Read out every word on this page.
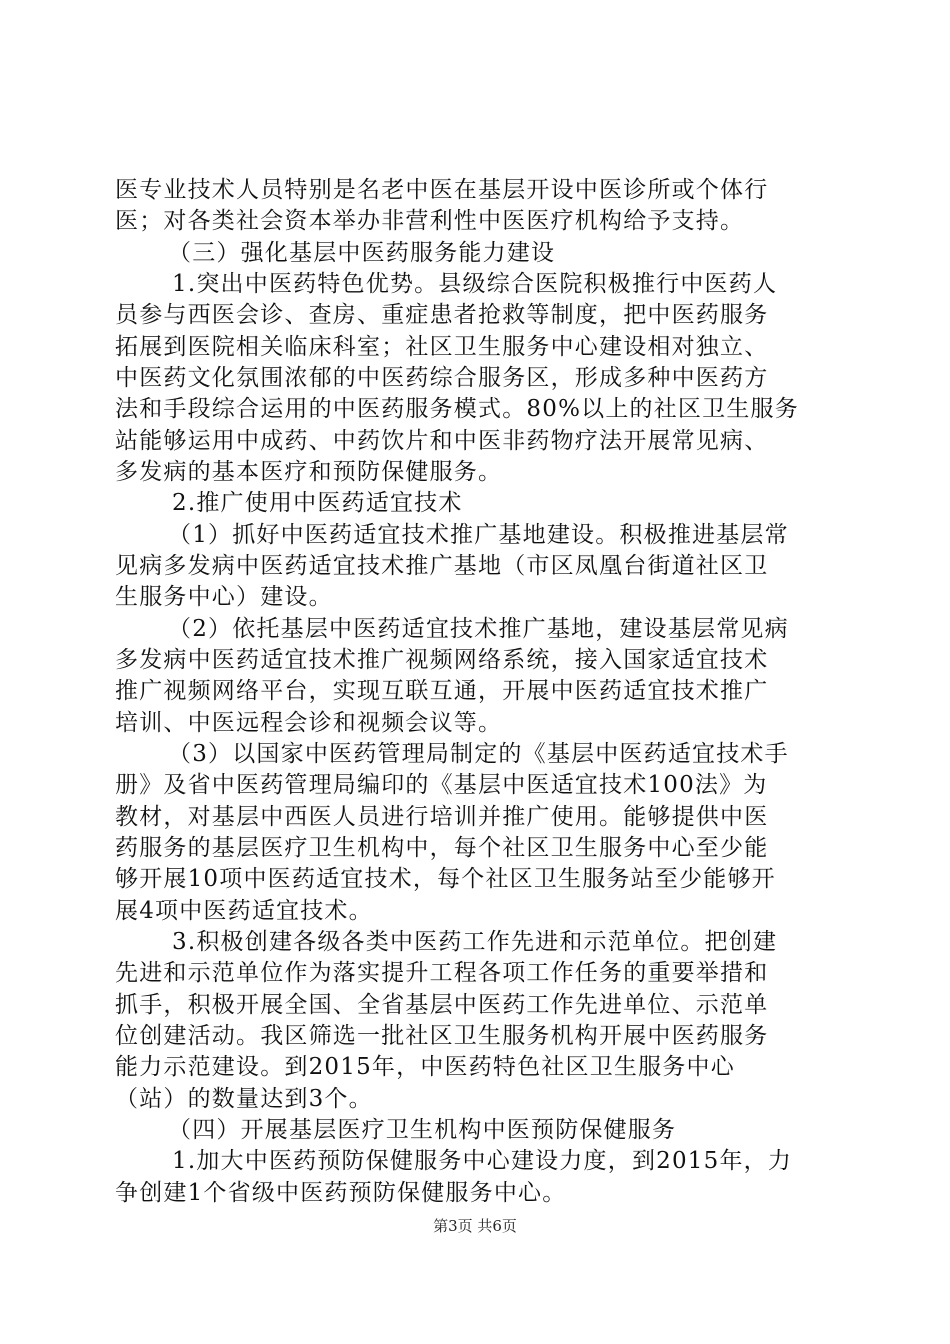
医专业技术人员特别是名老中医在基层开设中医诊所或个体行
医；对各类社会资本举办非营利性中医医疗机构给予支持。
（三）强化基层中医药服务能力建设
1.突出中医药特色优势。县级综合医院积极推行中医药人
员参与西医会诊、查房、重症患者抢救等制度，把中医药服务
拓展到医院相关临床科室；社区卫生服务中心建设相对独立、
中医药文化氛围浓郁的中医药综合服务区，形成多种中医药方
法和手段综合运用的中医药服务模式。80%以上的社区卫生服务
站能够运用中成药、中药饮片和中医非药物疗法开展常见病、
多发病的基本医疗和预防保健服务。
2.推广使用中医药适宜技术
（1）抓好中医药适宜技术推广基地建设。积极推进基层常
见病多发病中医药适宜技术推广基地（市区凤凰台街道社区卫
生服务中心）建设。
（2）依托基层中医药适宜技术推广基地，建设基层常见病
多发病中医药适宜技术推广视频网络系统，接入国家适宜技术
推广视频网络平台，实现互联互通，开展中医药适宜技术推广
培训、中医远程会诊和视频会议等。
（3）以国家中医药管理局制定的《基层中医药适宜技术手
册》及省中医药管理局编印的《基层中医适宜技术100法》为
教材，对基层中西医人员进行培训并推广使用。能够提供中医
药服务的基层医疗卫生机构中，每个社区卫生服务中心至少能
够开展10项中医药适宜技术，每个社区卫生服务站至少能够开
展4项中医药适宜技术。
3.积极创建各级各类中医药工作先进和示范单位。把创建
先进和示范单位作为落实提升工程各项工作任务的重要举措和
抓手，积极开展全国、全省基层中医药工作先进单位、示范单
位创建活动。我区筛选一批社区卫生服务机构开展中医药服务
能力示范建设。到2015年，中医药特色社区卫生服务中心
（站）的数量达到3个。
（四）开展基层医疗卫生机构中医预防保健服务
1.加大中医药预防保健服务中心建设力度，到2015年，力
争创建1个省级中医药预防保健服务中心。
第3页 共6页
